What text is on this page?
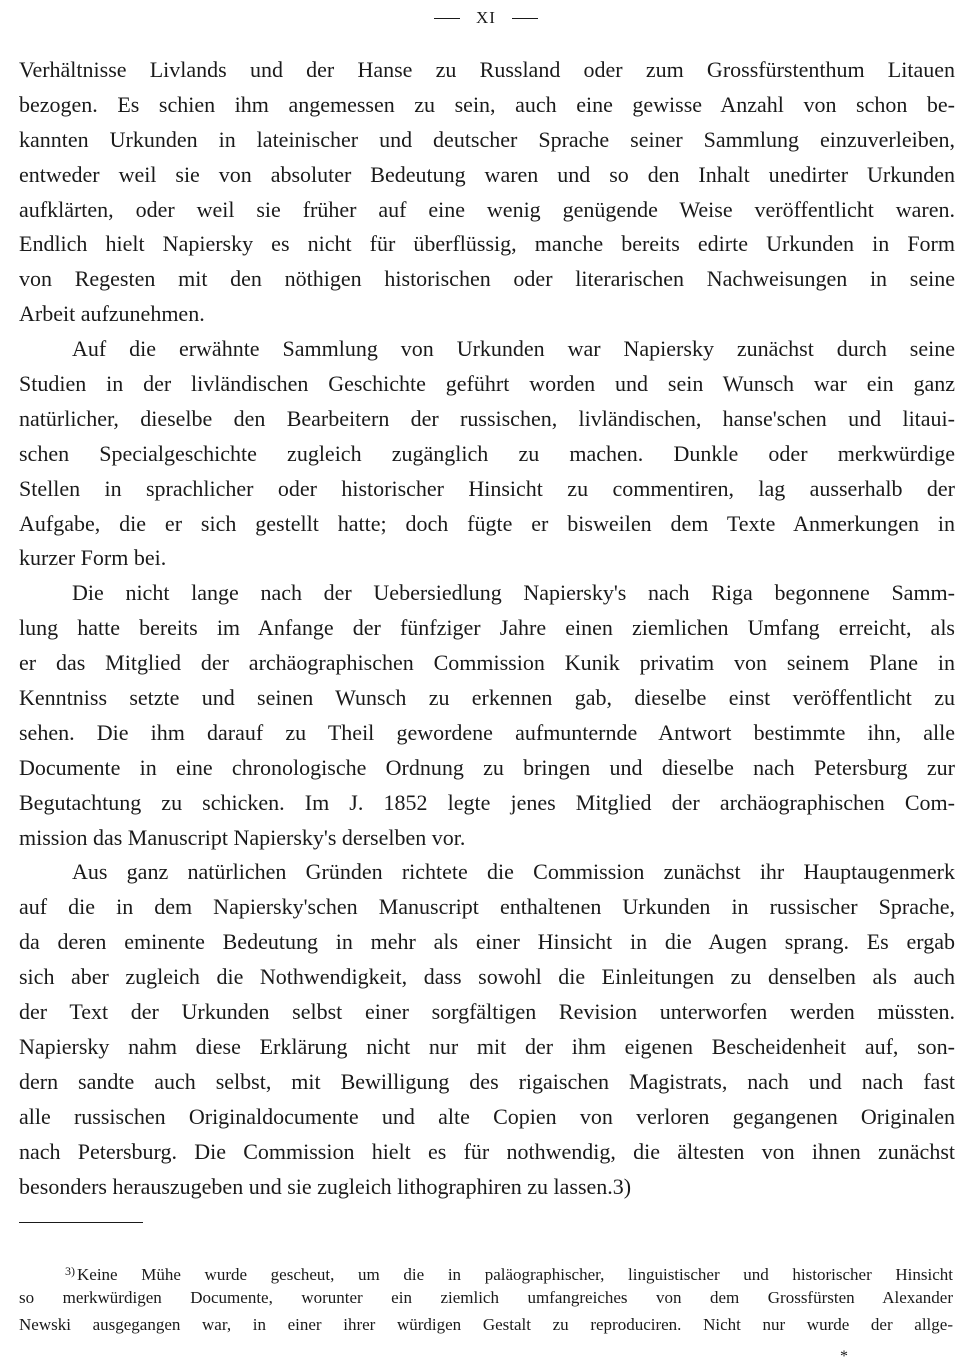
XI
Verhältnisse Livlands und der Hanse zu Russland oder zum Grossfürstenthum Litauen
bezogen. Es schien ihm angemessen zu sein, auch eine gewisse Anzahl von schon be-
kannten Urkunden in lateinischer und deutscher Sprache seiner Sammlung einzuverleiben,
entweder weil sie von absoluter Bedeutung waren und so den Inhalt unedirter Urkunden
aufklärten, oder weil sie früher auf eine wenig genügende Weise veröffentlicht waren.
Endlich hielt Napiersky es nicht für überflüssig, manche bereits edirte Urkunden in Form
von Regesten mit den nöthigen historischen oder literarischen Nachweisungen in seine
Arbeit aufzunehmen.
Auf die erwähnte Sammlung von Urkunden war Napiersky zunächst durch seine
Studien in der livländischen Geschichte geführt worden und sein Wunsch war ein ganz
natürlicher, dieselbe den Bearbeitern der russischen, livländischen, hanse'schen und litaui-
schen Specialgeschichte zugleich zugänglich zu machen. Dunkle oder merkwürdige
Stellen in sprachlicher oder historischer Hinsicht zu commentiren, lag ausserhalb der
Aufgabe, die er sich gestellt hatte; doch fügte er bisweilen dem Texte Anmerkungen in
kurzer Form bei.
Die nicht lange nach der Uebersiedlung Napiersky's nach Riga begonnene Samm-
lung hatte bereits im Anfange der fünfziger Jahre einen ziemlichen Umfang erreicht, als
er das Mitglied der archäographischen Commission Kunik privatim von seinem Plane in
Kenntniss setzte und seinen Wunsch zu erkennen gab, dieselbe einst veröffentlicht zu
sehen. Die ihm darauf zu Theil gewordene aufmunternde Antwort bestimmte ihn, alle
Documente in eine chronologische Ordnung zu bringen und dieselbe nach Petersburg zur
Begutachtung zu schicken. Im J. 1852 legte jenes Mitglied der archäographischen Com-
mission das Manuscript Napiersky's derselben vor.
Aus ganz natürlichen Gründen richtete die Commission zunächst ihr Hauptaugenmerk
auf die in dem Napiersky'schen Manuscript enthaltenen Urkunden in russischer Sprache,
da deren eminente Bedeutung in mehr als einer Hinsicht in die Augen sprang. Es ergab
sich aber zugleich die Nothwendigkeit, dass sowohl die Einleitungen zu denselben als auch
der Text der Urkunden selbst einer sorgfältigen Revision unterworfen werden müssten.
Napiersky nahm diese Erklärung nicht nur mit der ihm eigenen Bescheidenheit auf, son-
dern sandte auch selbst, mit Bewilligung des rigaischen Magistrats, nach und nach fast
alle russischen Originaldocumente und alte Copien von verloren gegangenen Originalen
nach Petersburg. Die Commission hielt es für nothwendig, die ältesten von ihnen zunächst
besonders herauszugeben und sie zugleich lithographiren zu lassen.3)
$^{3)}$ Keine Mühe wurde gescheut, um die in paläographischer, linguistischer und historischer Hinsicht
so merkwürdigen Documente, worunter ein ziemlich umfangreiches von dem Grossfürsten Alexander
Newski ausgegangen war, in einer ihrer würdigen Gestalt zu reproduciren. Nicht nur wurde der allge-
*
